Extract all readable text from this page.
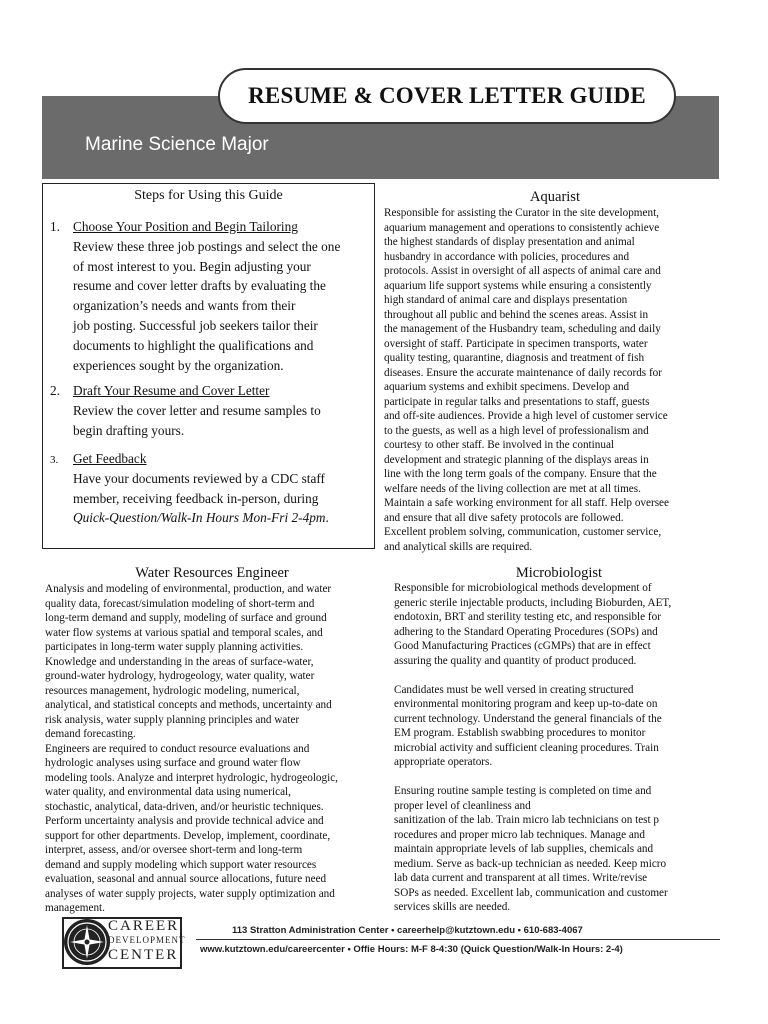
RESUME & COVER LETTER GUIDE
Marine Science Major
Steps for Using this Guide
1. Choose Your Position and Begin Tailoring
Review these three job postings and select the one
of most interest to you. Begin adjusting your
resume and cover letter drafts by evaluating the
organization’s needs and wants from their
job posting. Successful job seekers tailor their
documents to highlight the qualifications and
experiences sought by the organization.
2. Draft Your Resume and Cover Letter
Review the cover letter and resume samples to
begin drafting yours.
3. Get Feedback
Have your documents reviewed by a CDC staff
member, receiving feedback in-person, during
Quick-Question/Walk-In Hours Mon-Fri 2-4pm.
Aquarist
Responsible for assisting the Curator in the site development,
aquarium management and operations to consistently achieve
the highest standards of display presentation and animal
husbandry in accordance with policies, procedures and
protocols. Assist in oversight of all aspects of animal care and
aquarium life support systems while ensuring a consistently
high standard of animal care and displays presentation
throughout all public and behind the scenes areas. Assist in
the management of the Husbandry team, scheduling and daily
oversight of staff. Participate in specimen transports, water
quality testing, quarantine, diagnosis and treatment of fish
diseases. Ensure the accurate maintenance of daily records for
aquarium systems and exhibit specimens. Develop and
participate in regular talks and presentations to staff, guests
and off-site audiences. Provide a high level of customer service
to the guests, as well as a high level of professionalism and
courtesy to other staff. Be involved in the continual
development and strategic planning of the displays areas in
line with the long term goals of the company. Ensure that the
welfare needs of the living collection are met at all times.
Maintain a safe working environment for all staff. Help oversee
and ensure that all dive safety protocols are followed.
Excellent problem solving, communication, customer service,
and analytical skills are required.
Water Resources Engineer
Analysis and modeling of environmental, production, and water
quality data, forecast/simulation modeling of short-term and
long-term demand and supply, modeling of surface and ground
water flow systems at various spatial and temporal scales, and
participates in long-term water supply planning activities.
Knowledge and understanding in the areas of surface-water,
ground-water hydrology, hydrogeology, water quality, water
resources management, hydrologic modeling, numerical,
analytical, and statistical concepts and methods, uncertainty and
risk analysis, water supply planning principles and water
demand forecasting.
Engineers are required to conduct resource evaluations and
hydrologic analyses using surface and ground water flow
modeling tools. Analyze and interpret hydrologic, hydrogeologic,
water quality, and environmental data using numerical,
stochastic, analytical, data-driven, and/or heuristic techniques.
Perform uncertainty analysis and provide technical advice and
support for other departments. Develop, implement, coordinate,
interpret, assess, and/or oversee short-term and long-term
demand and supply modeling which support water resources
evaluation, seasonal and annual source allocations, future need
analyses of water supply projects, water supply optimization and
management.
Microbiologist
Responsible for microbiological methods development of
generic sterile injectable products, including Bioburden, AET,
endotoxin, BRT and sterility testing etc, and responsible for
adhering to the Standard Operating Procedures (SOPs) and
Good Manufacturing Practices (cGMPs) that are in effect
assuring the quality and quantity of product produced.

Candidates must be well versed in creating structured
environmental monitoring program and keep up-to-date on
current technology. Understand the general financials of the
EM program. Establish swabbing procedures to monitor
microbial activity and sufficient cleaning procedures. Train
appropriate operators.

Ensuring routine sample testing is completed on time and
proper level of cleanliness and
sanitization of the lab. Train micro lab technicians on test p
rocedures and proper micro lab techniques. Manage and
maintain appropriate levels of lab supplies, chemicals and
medium. Serve as back-up technician as needed. Keep micro
lab data current and transparent at all times. Write/revise
SOPs as needed. Excellent lab, communication and customer
services skills are needed.
CAREER
DEVELOPMENT
CENTER
113 Stratton Administration Center • careerhelp@kutztown.edu • 610-683-4067
www.kutztown.edu/careercenter • Offie Hours: M-F 8-4:30 (Quick Question/Walk-In Hours: 2-4)
